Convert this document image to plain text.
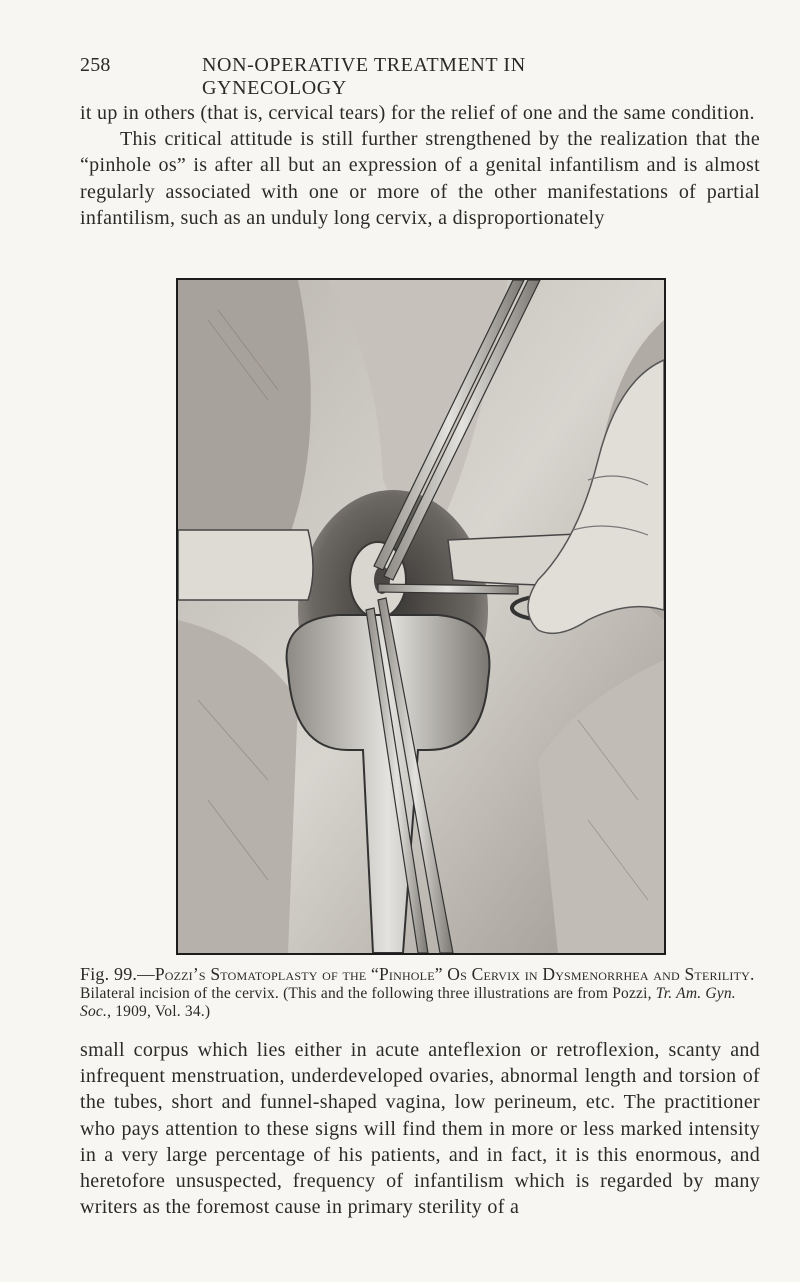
258	NON-OPERATIVE TREATMENT IN GYNECOLOGY

it up in others (that is, cervical tears) for the relief of one and the same condition.

This critical attitude is still further strengthened by the realization that the “pinhole os” is after all but an expression of a genital infantilism and is almost regularly associated with one or more of the other manifestations of partial infantilism, such as an unduly long cervix, a disproportionately

Fig. 99.—Pozzi’s Stomatoplasty of the “Pinhole” Os Cervix in Dysmenorrhea and Sterility. Bilateral incision of the cervix. (This and the following three illustrations are from Pozzi, Tr. Am. Gyn. Soc., 1909, Vol. 34.)

small corpus which lies either in acute anteflexion or retroflexion, scanty and infrequent menstruation, underdeveloped ovaries, abnormal length and torsion of the tubes, short and funnel-shaped vagina, low perineum, etc. The practitioner who pays attention to these signs will find them in more or less marked intensity in a very large percentage of his patients, and in fact, it is this enormous, and heretofore unsuspected, frequency of infantilism which is regarded by many writers as the foremost cause in primary sterility of a
